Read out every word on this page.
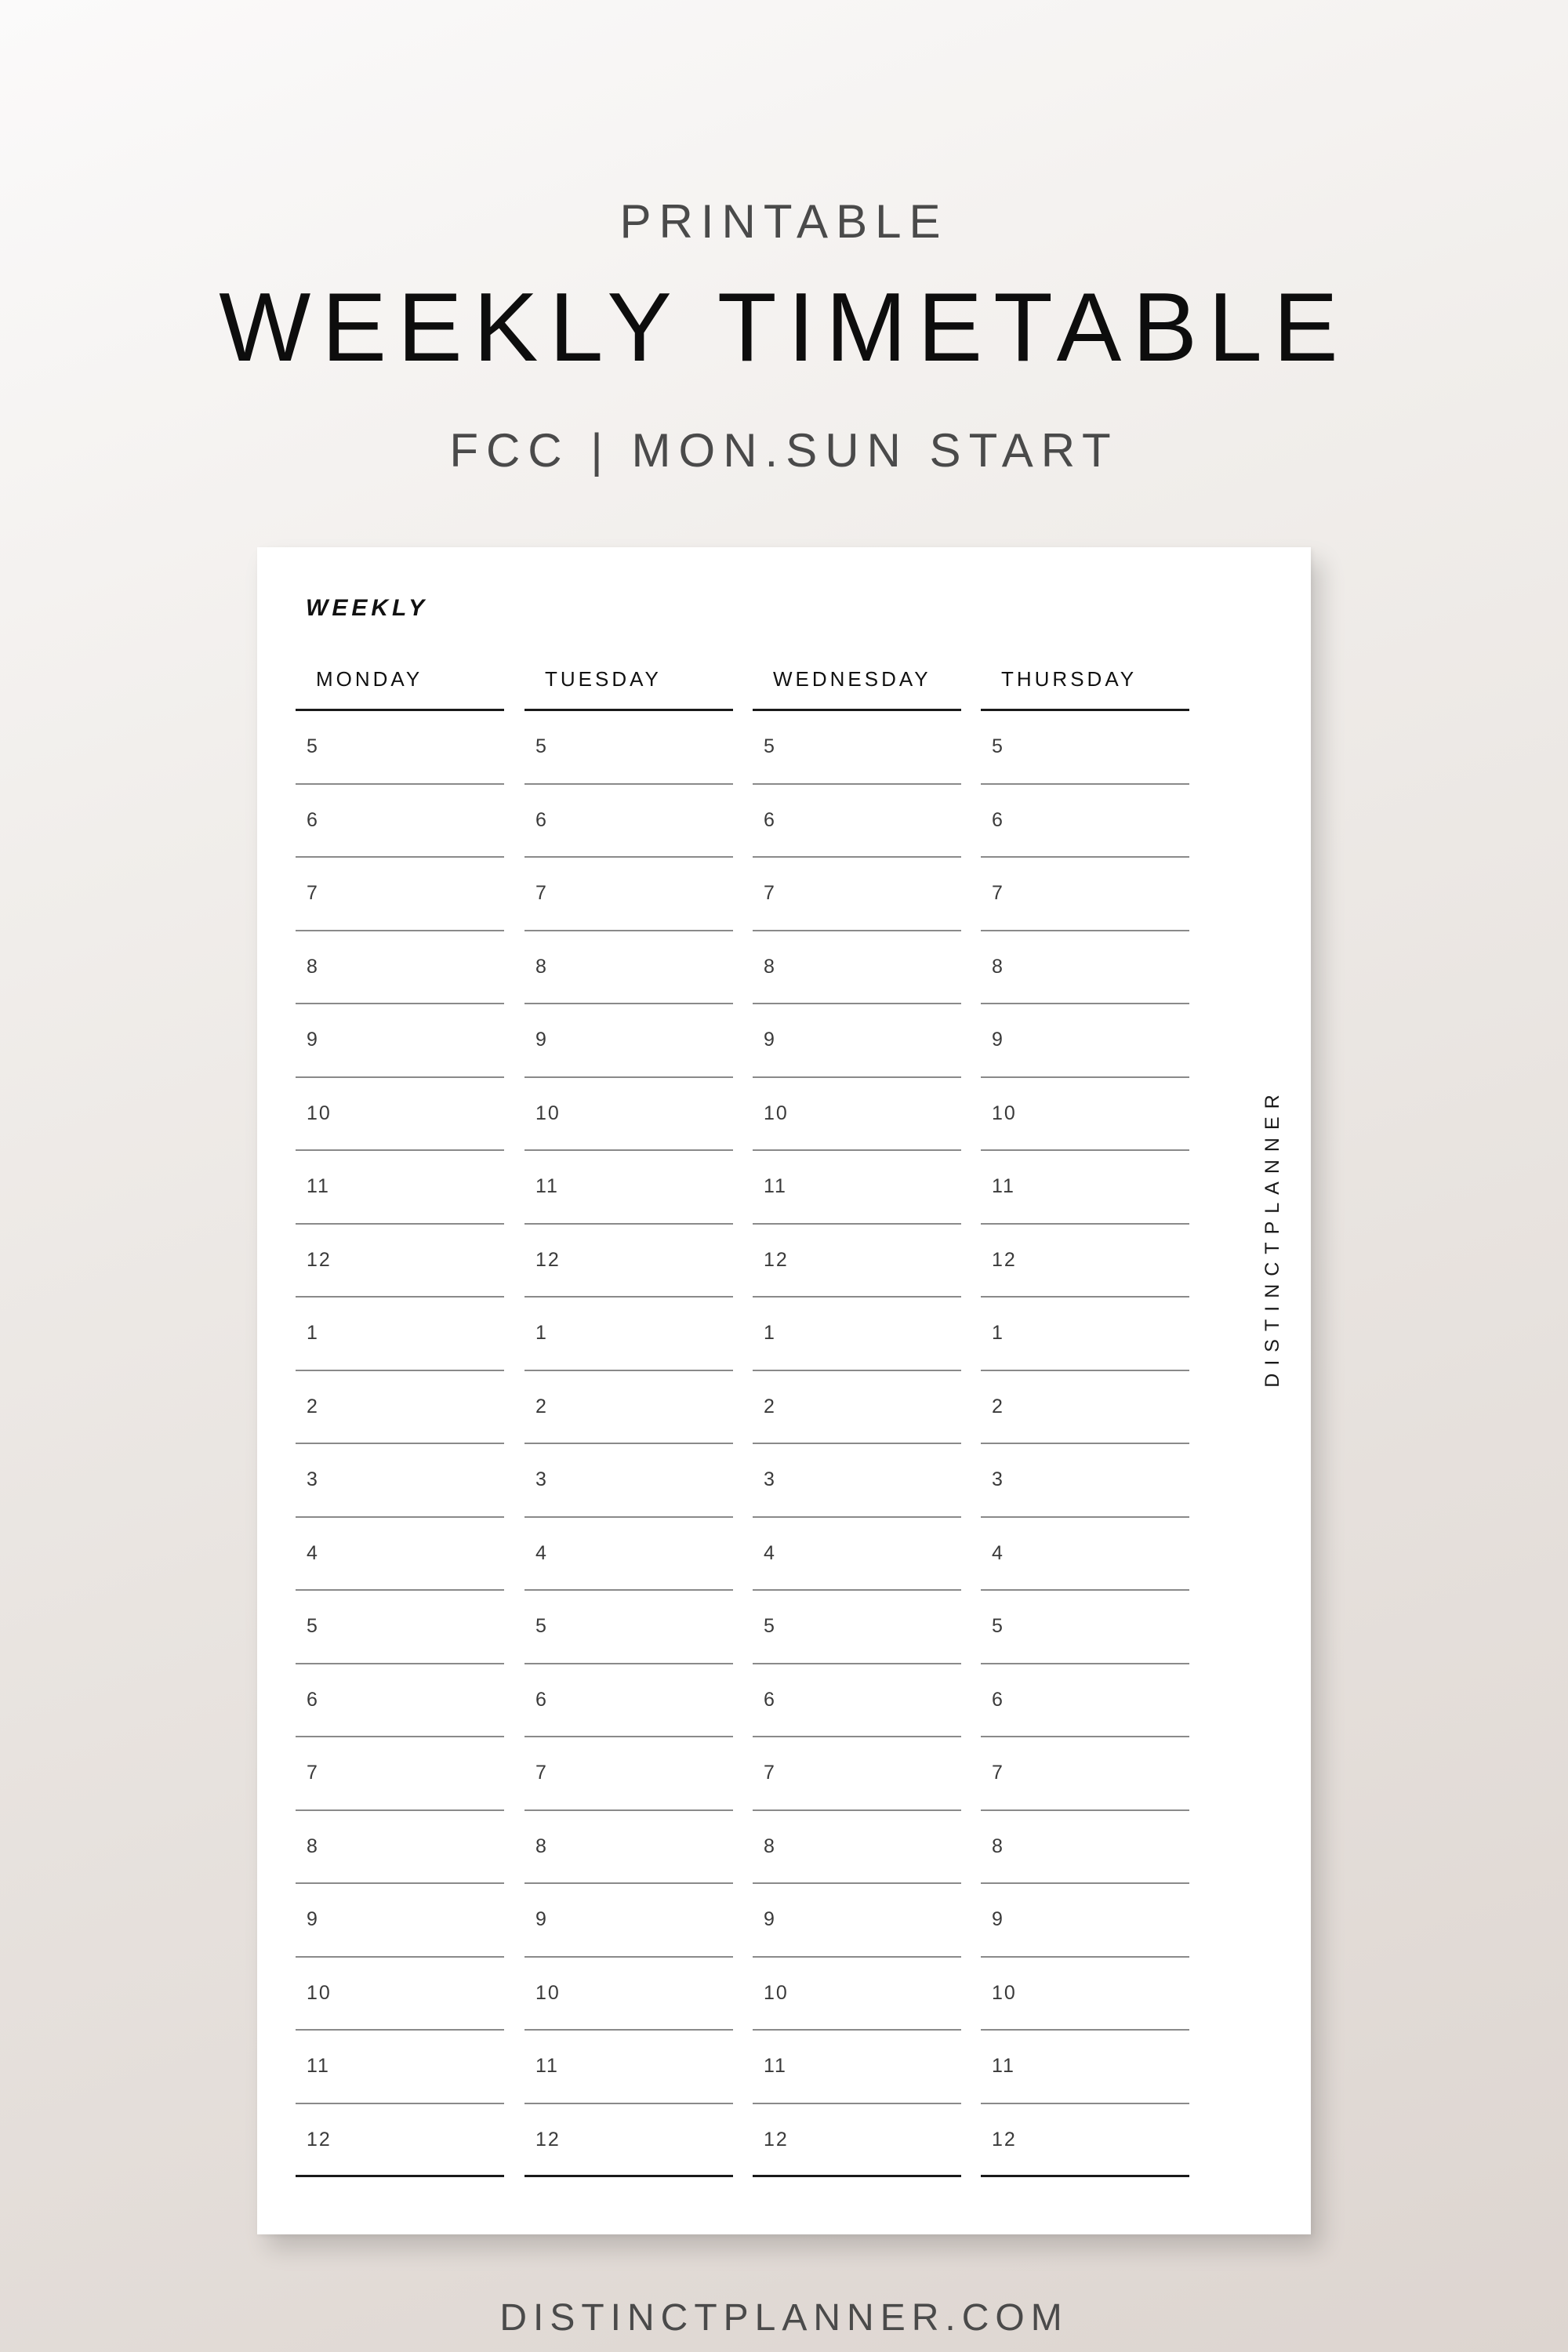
PRINTABLE
WEEKLY TIMETABLE
FCC | MON.SUN START
WEEKLY
MONDAY
5
6
7
8
9
10
11
12
1
2
3
4
5
6
7
8
9
10
11
12
TUESDAY
5
6
7
8
9
10
11
12
1
2
3
4
5
6
7
8
9
10
11
12
WEDNESDAY
5
6
7
8
9
10
11
12
1
2
3
4
5
6
7
8
9
10
11
12
THURSDAY
5
6
7
8
9
10
11
12
1
2
3
4
5
6
7
8
9
10
11
12
DISTINCTPLANNER
DISTINCTPLANNER.COM
